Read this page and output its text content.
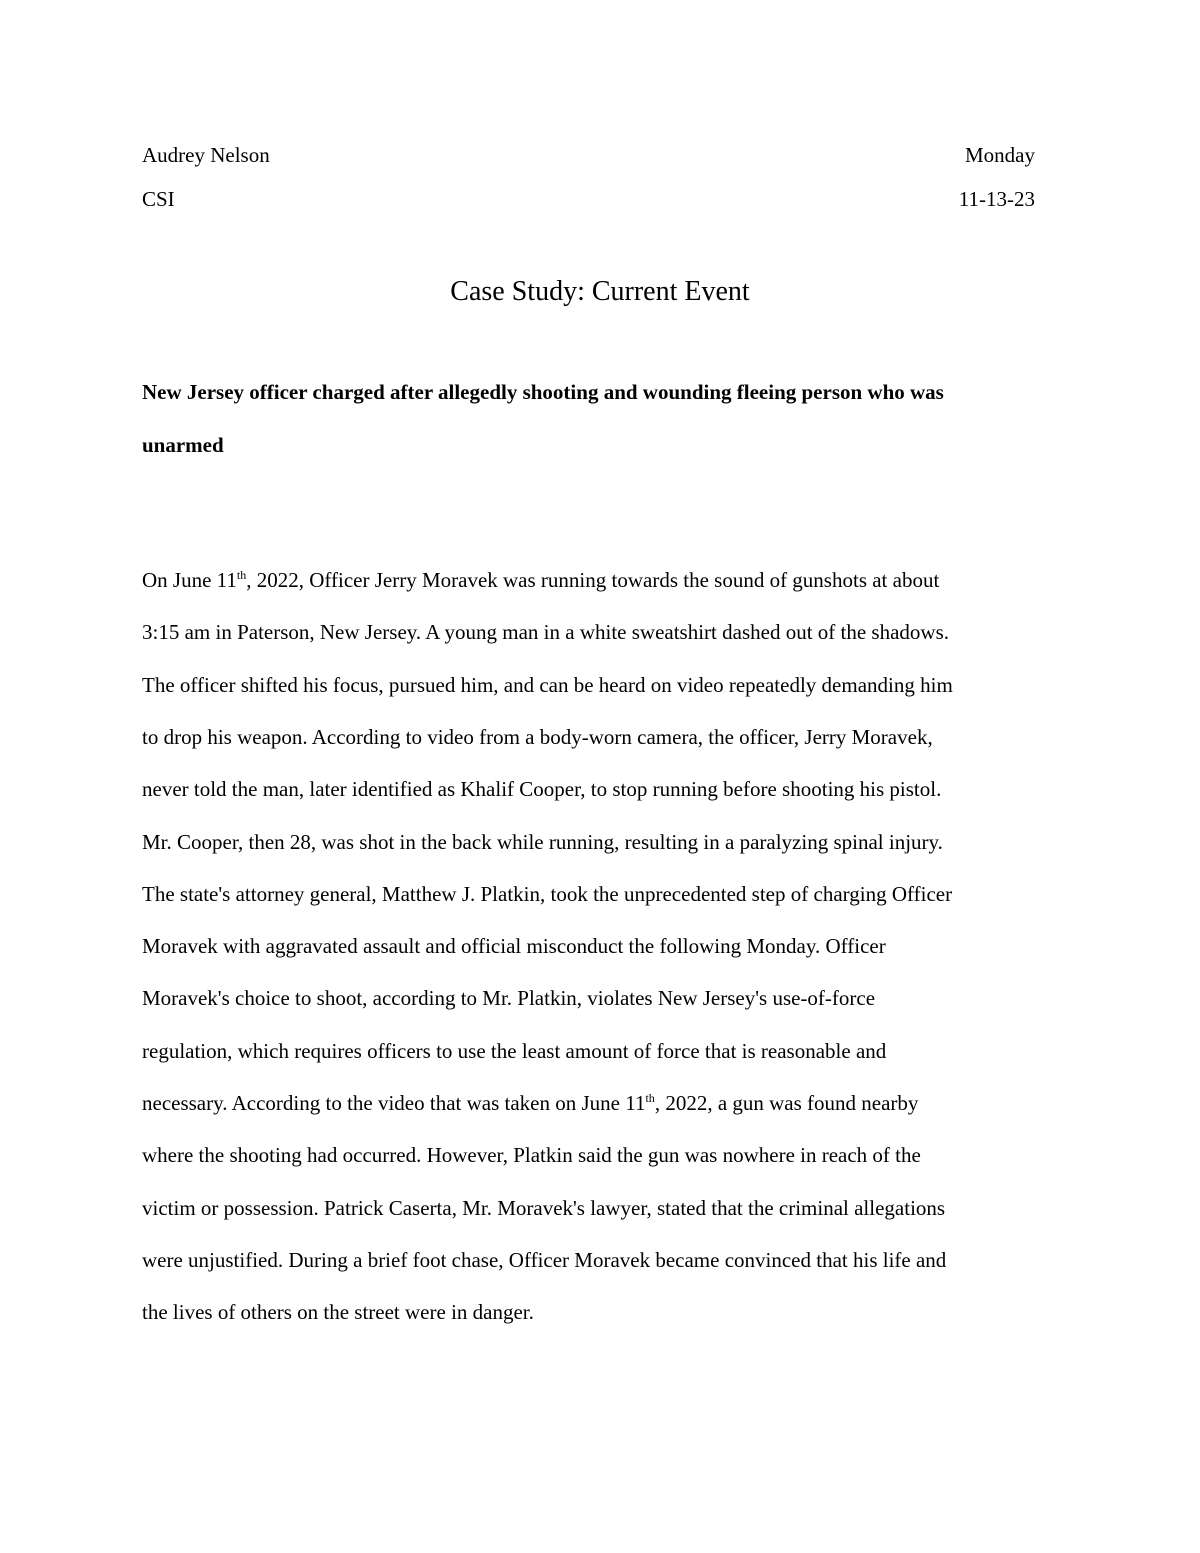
Audrey Nelson
CSI
Monday
11-13-23
Case Study: Current Event
New Jersey officer charged after allegedly shooting and wounding fleeing person who was
unarmed
On June 11th, 2022, Officer Jerry Moravek was running towards the sound of gunshots at about
3:15 am in Paterson, New Jersey. A young man in a white sweatshirt dashed out of the shadows.
The officer shifted his focus, pursued him, and can be heard on video repeatedly demanding him
to drop his weapon. According to video from a body-worn camera, the officer, Jerry Moravek,
never told the man, later identified as Khalif Cooper, to stop running before shooting his pistol.
Mr. Cooper, then 28, was shot in the back while running, resulting in a paralyzing spinal injury.
The state's attorney general, Matthew J. Platkin, took the unprecedented step of charging Officer
Moravek with aggravated assault and official misconduct the following Monday. Officer
Moravek's choice to shoot, according to Mr. Platkin, violates New Jersey's use-of-force
regulation, which requires officers to use the least amount of force that is reasonable and
necessary. According to the video that was taken on June 11th, 2022, a gun was found nearby
where the shooting had occurred. However, Platkin said the gun was nowhere in reach of the
victim or possession. Patrick Caserta, Mr. Moravek's lawyer, stated that the criminal allegations
were unjustified. During a brief foot chase, Officer Moravek became convinced that his life and
the lives of others on the street were in danger.
